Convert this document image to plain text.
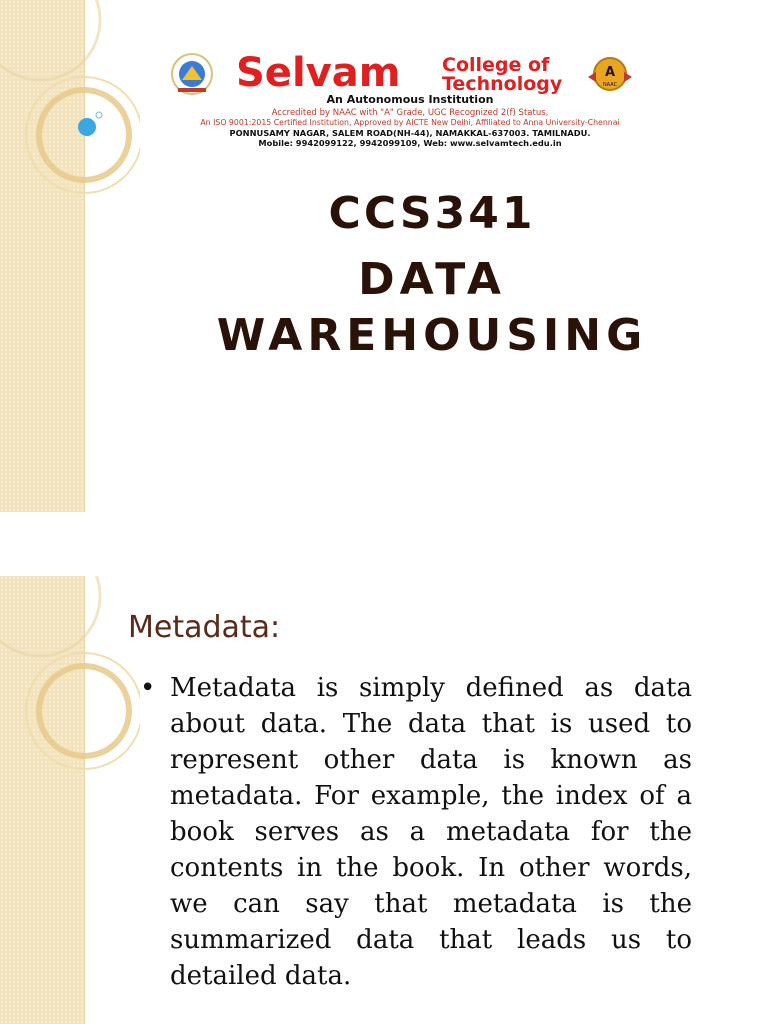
Selvam College of
Technology
A
NAAC
An Autonomous Institution
Accredited by NAAC with "A" Grade, UGC Recognized 2(f) Status,
An ISO 9001:2015 Certified Institution, Approved by AICTE New Delhi, Affiliated to Anna University-Chennai
PONNUSAMY NAGAR, SALEM ROAD(NH-44), NAMAKKAL-637003. TAMILNADU.
Mobile: 9942099122, 9942099109, Web: www.selvamtech.edu.in
CCS341
DATA
WAREHOUSING
Metadata:
• Metadata is simply defined as data about data. The data that is used to represent other data is known as metadata. For example, the index of a book serves as a metadata for the contents in the book. In other words, we can say that metadata is the summarized data that leads us to detailed data.
